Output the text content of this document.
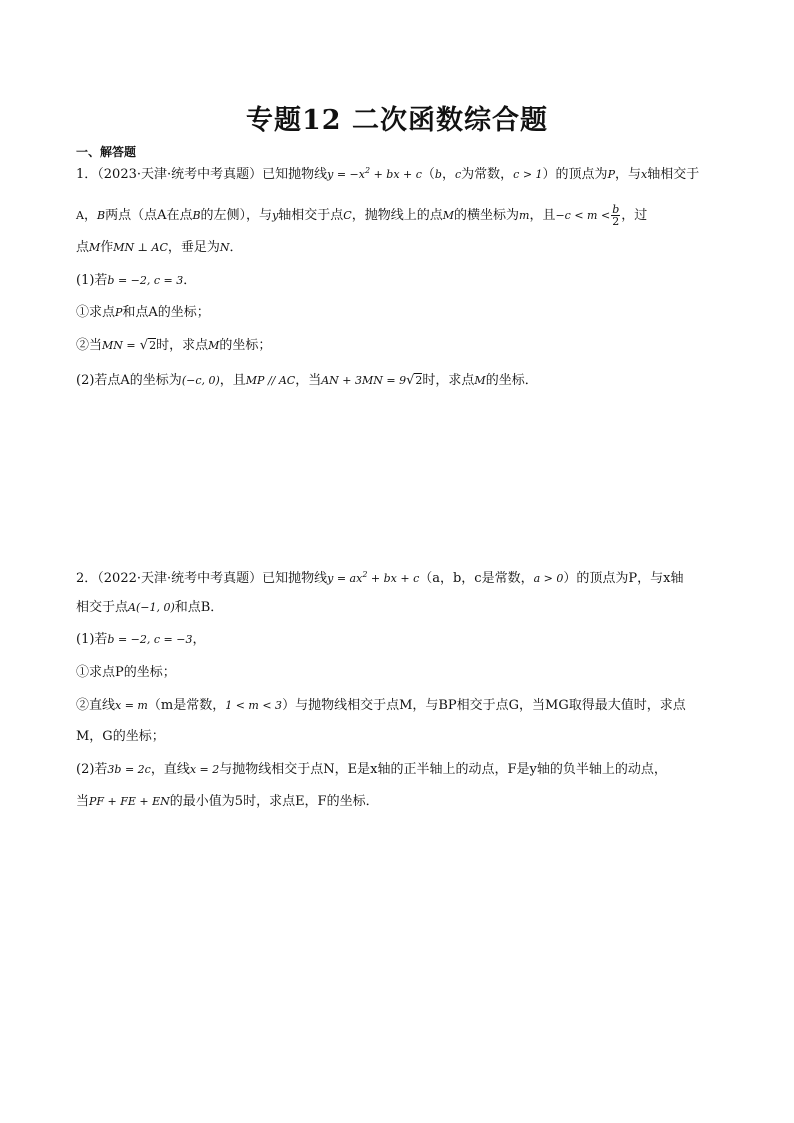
专题12 二次函数综合题
一、解答题
1．（2023·天津·统考中考真题）已知抛物线$y = -x^2$ + bx + c（b，c为常数，c > 1）的顶点为P，与x轴相交于
A，B两点（点A在点B的左侧），与y轴相交于点C，抛物线上的点M的横坐标为m，且$-c < m < \frac{b}{2}$ ，过
点M作MN ⊥ AC，垂足为N．
(1)若b = −2, c = 3．
①求点P和点A的坐标；
②当MN = √2时，求点M的坐标；
(2)若点A的坐标为(−c, 0)，且MP // AC，当AN + 3MN = 9√2时，求点M的坐标．
2．（2022·天津·统考中考真题）已知抛物线$y = ax^2$ + bx + c（a，b，c是常数，a > 0）的顶点为P，与x轴
相交于点A(−1, 0)和点B．
(1)若b = −2, c = −3，
①求点P的坐标；
②直线x = m（m是常数，1 < m < 3）与抛物线相交于点M，与BP相交于点G，当MG取得最大值时，求点
M，G的坐标；
(2)若3b = 2c，直线x = 2与抛物线相交于点N，E是x轴的正半轴上的动点，F是y轴的负半轴上的动点，
当PF + FE + EN的最小值为5时，求点E，F的坐标．
